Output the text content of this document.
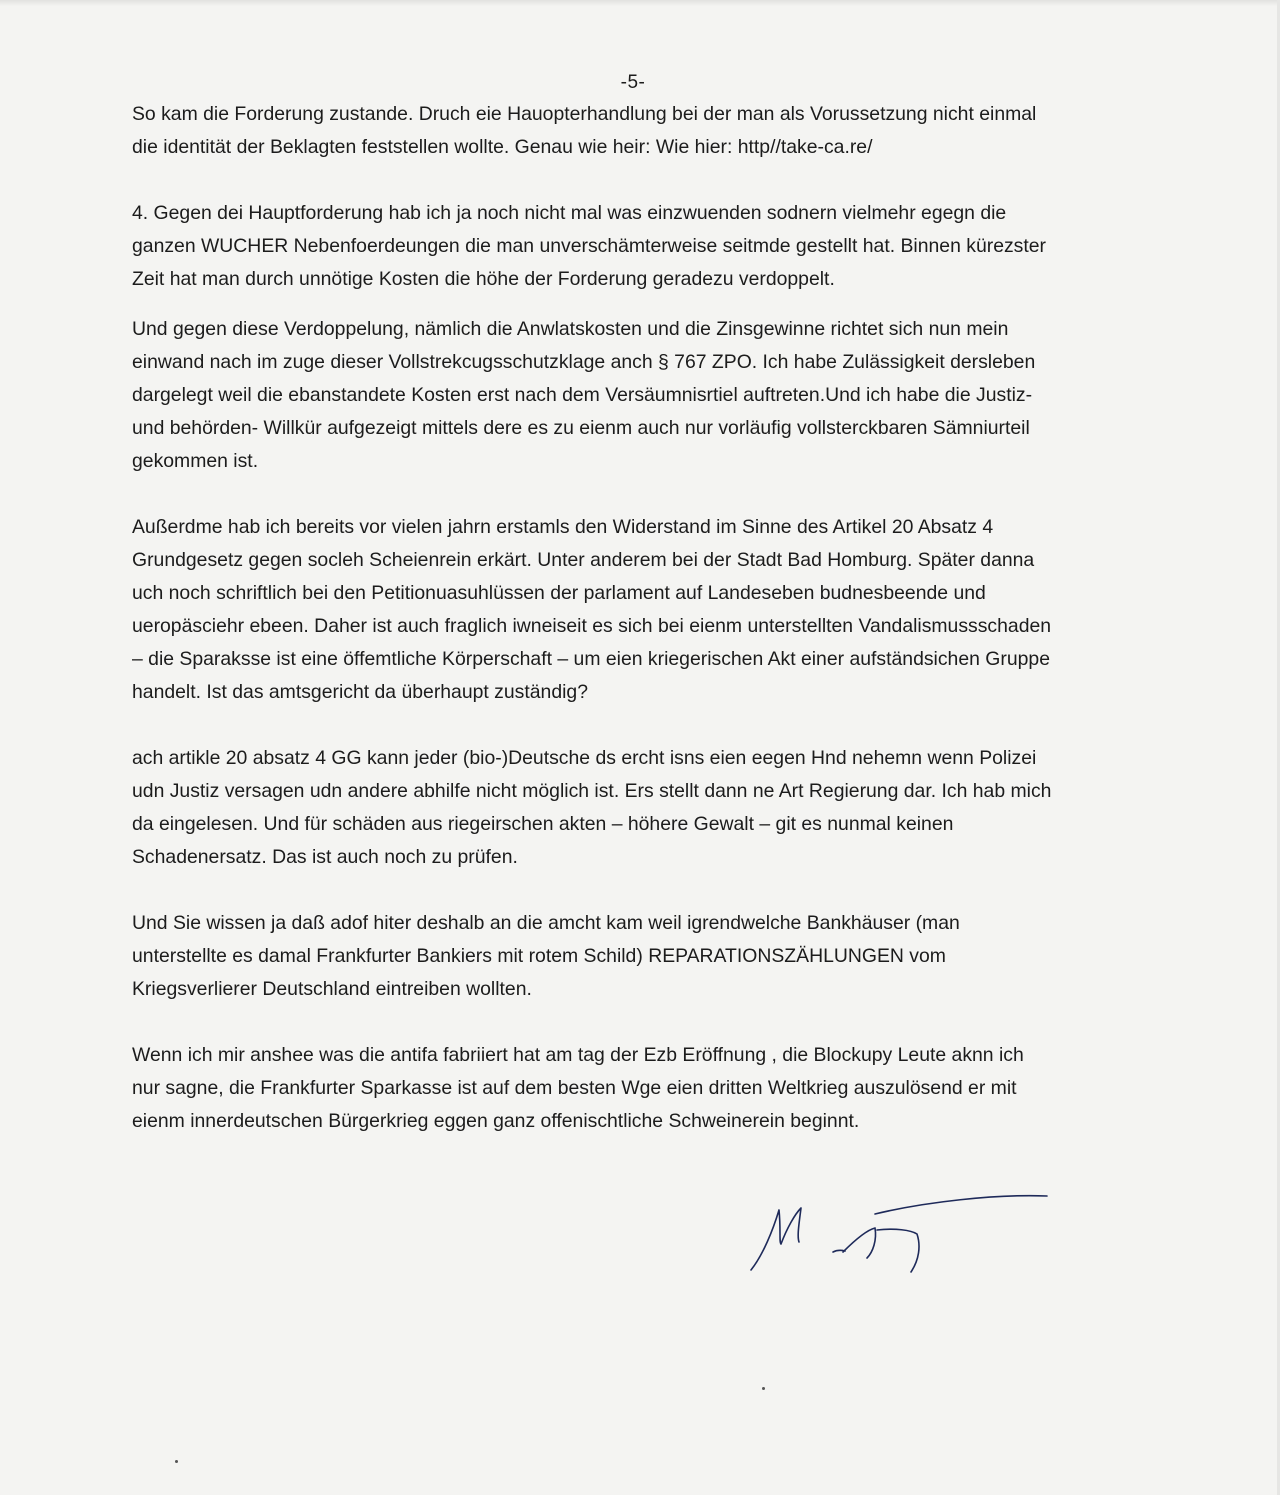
-5-

So kam die Forderung zustande. Druch eie Hauopterhandlung bei der man als Vorussetzung nicht einmal

die identität der Beklagten feststellen wollte. Genau wie heir: Wie hier: http//take-ca.re/

4. Gegen dei Hauptforderung hab ich ja noch nicht mal was einzwuenden sodnern vielmehr egegn die

ganzen WUCHER Nebenfoerdeungen die man unverschämterweise seitmde gestellt hat. Binnen kürezster

Zeit hat man durch unnötige Kosten die höhe der Forderung geradezu verdoppelt.

Und gegen diese Verdoppelung, nämlich die Anwlatskosten und die Zinsgewinne richtet sich nun mein

einwand nach im zuge dieser Vollstrekcugsschutzklage anch § 767 ZPO. Ich habe Zulässigkeit dersleben

dargelegt weil die ebanstandete Kosten erst nach dem Versäumnisrtiel auftreten.Und ich habe die Justiz-

und behörden- Willkür aufgezeigt mittels dere es zu eienm auch nur vorläufig vollsterckbaren Sämniurteil

gekommen ist.

Außerdme hab ich bereits vor vielen jahrn erstamls den Widerstand im Sinne des Artikel 20 Absatz 4

Grundgesetz gegen socleh Scheienrein erkärt. Unter anderem bei der Stadt Bad Homburg. Später danna

uch noch schriftlich bei den Petitionuasuhlüssen der parlament auf Landeseben budnesbeende und

ueropäsciehr ebeen. Daher ist auch fraglich iwneiseit es sich bei eienm unterstellten Vandalismussschaden

– die Sparaksse ist eine öffemtliche Körperschaft – um eien kriegerischen Akt einer aufständsichen Gruppe

handelt. Ist das amtsgericht da überhaupt zuständig?

ach artikle 20 absatz 4 GG kann jeder (bio-)Deutsche ds ercht isns eien eegen Hnd nehemn wenn Polizei

udn Justiz versagen udn andere abhilfe nicht möglich ist. Ers stellt dann ne Art Regierung dar. Ich hab mich

da eingelesen. Und für schäden aus riegeirschen akten – höhere Gewalt – git es nunmal keinen

Schadenersatz. Das ist auch noch zu prüfen.

Und Sie wissen ja daß adof hiter deshalb an die amcht kam weil igrendwelche Bankhäuser (man

unterstellte es damal Frankfurter Bankiers mit rotem Schild) REPARATIONSZÄHLUNGEN vom

Kriegsverlierer Deutschland eintreiben wollten.

Wenn ich mir anshee was die antifa fabriiert hat am tag der Ezb Eröffnung , die Blockupy Leute aknn ich

nur sagne, die Frankfurter Sparkasse ist auf dem besten Wge eien dritten Weltkrieg auszulösend er mit

eienm innerdeutschen Bürgerkrieg eggen ganz offenischtliche Schweinerein beginnt.
